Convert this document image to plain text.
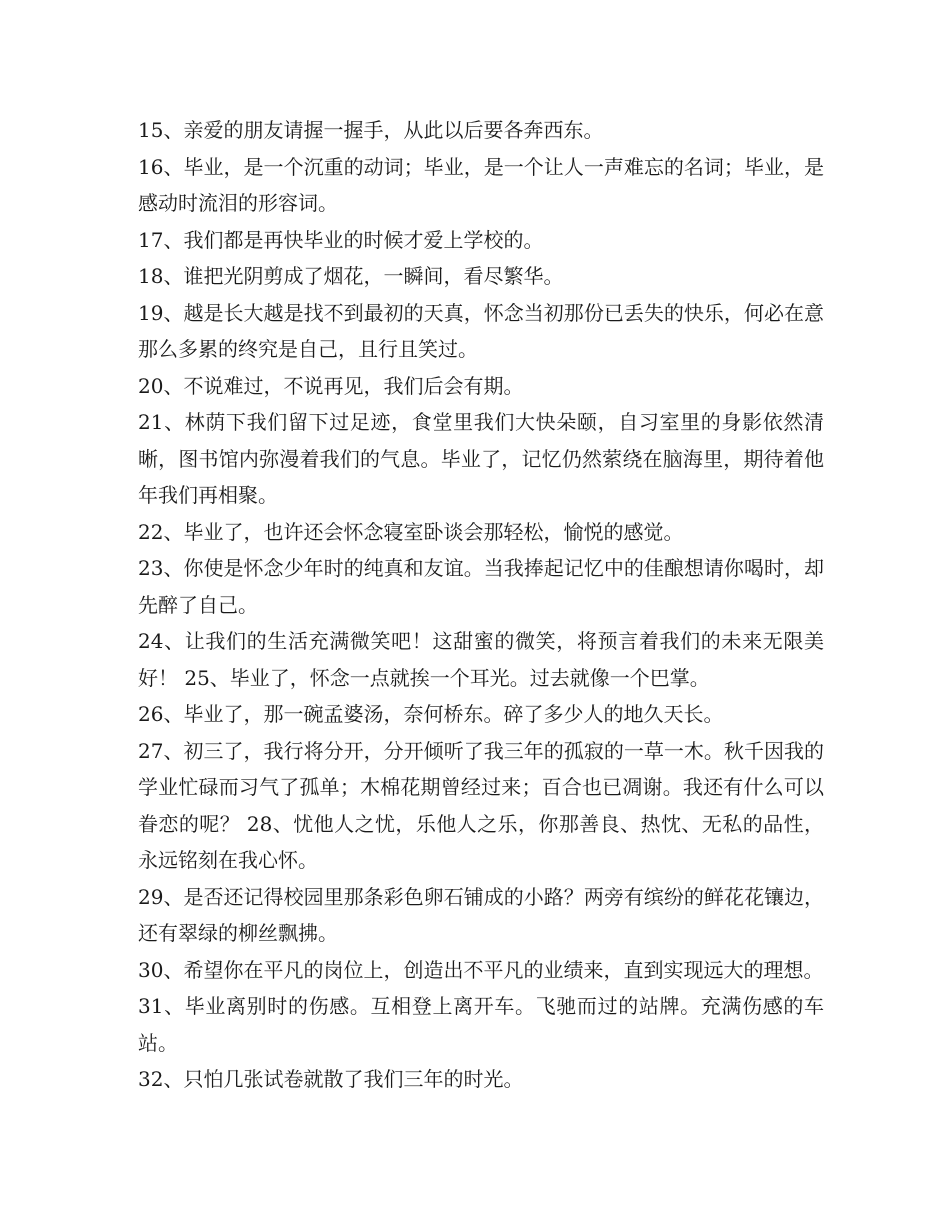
15、亲爱的朋友请握一握手，从此以后要各奔西东。

16、毕业，是一个沉重的动词；毕业，是一个让人一声难忘的名词；毕业，是感动时流泪的形容词。

17、我们都是再快毕业的时候才爱上学校的。

18、谁把光阴剪成了烟花，一瞬间，看尽繁华。

19、越是长大越是找不到最初的天真，怀念当初那份已丢失的快乐，何必在意那么多累的终究是自己，且行且笑过。

20、不说难过，不说再见，我们后会有期。

21、林荫下我们留下过足迹，食堂里我们大快朵颐，自习室里的身影依然清晰，图书馆内弥漫着我们的气息。毕业了，记忆仍然萦绕在脑海里，期待着他年我们再相聚。

22、毕业了，也许还会怀念寝室卧谈会那轻松，愉悦的感觉。

23、你使是怀念少年时的纯真和友谊。当我捧起记忆中的佳酿想请你喝时，却先醉了自己。

24、让我们的生活充满微笑吧！这甜蜜的微笑，将预言着我们的未来无限美好！ 25、毕业了，怀念一点就挨一个耳光。过去就像一个巴掌。

26、毕业了，那一碗孟婆汤，奈何桥东。碎了多少人的地久天长。

27、初三了，我行将分开，分开倾听了我三年的孤寂的一草一木。秋千因我的学业忙碌而习气了孤单；木棉花期曾经过来；百合也已凋谢。我还有什么可以眷恋的呢？ 28、忧他人之忧，乐他人之乐，你那善良、热忱、无私的品性，永远铭刻在我心怀。

29、是否还记得校园里那条彩色卵石铺成的小路？两旁有缤纷的鲜花花镶边，还有翠绿的柳丝飘拂。

30、希望你在平凡的岗位上，创造出不平凡的业绩来，直到实现远大的理想。

31、毕业离别时的伤感。互相登上离开车。飞驰而过的站牌。充满伤感的车站。

32、只怕几张试卷就散了我们三年的时光。
